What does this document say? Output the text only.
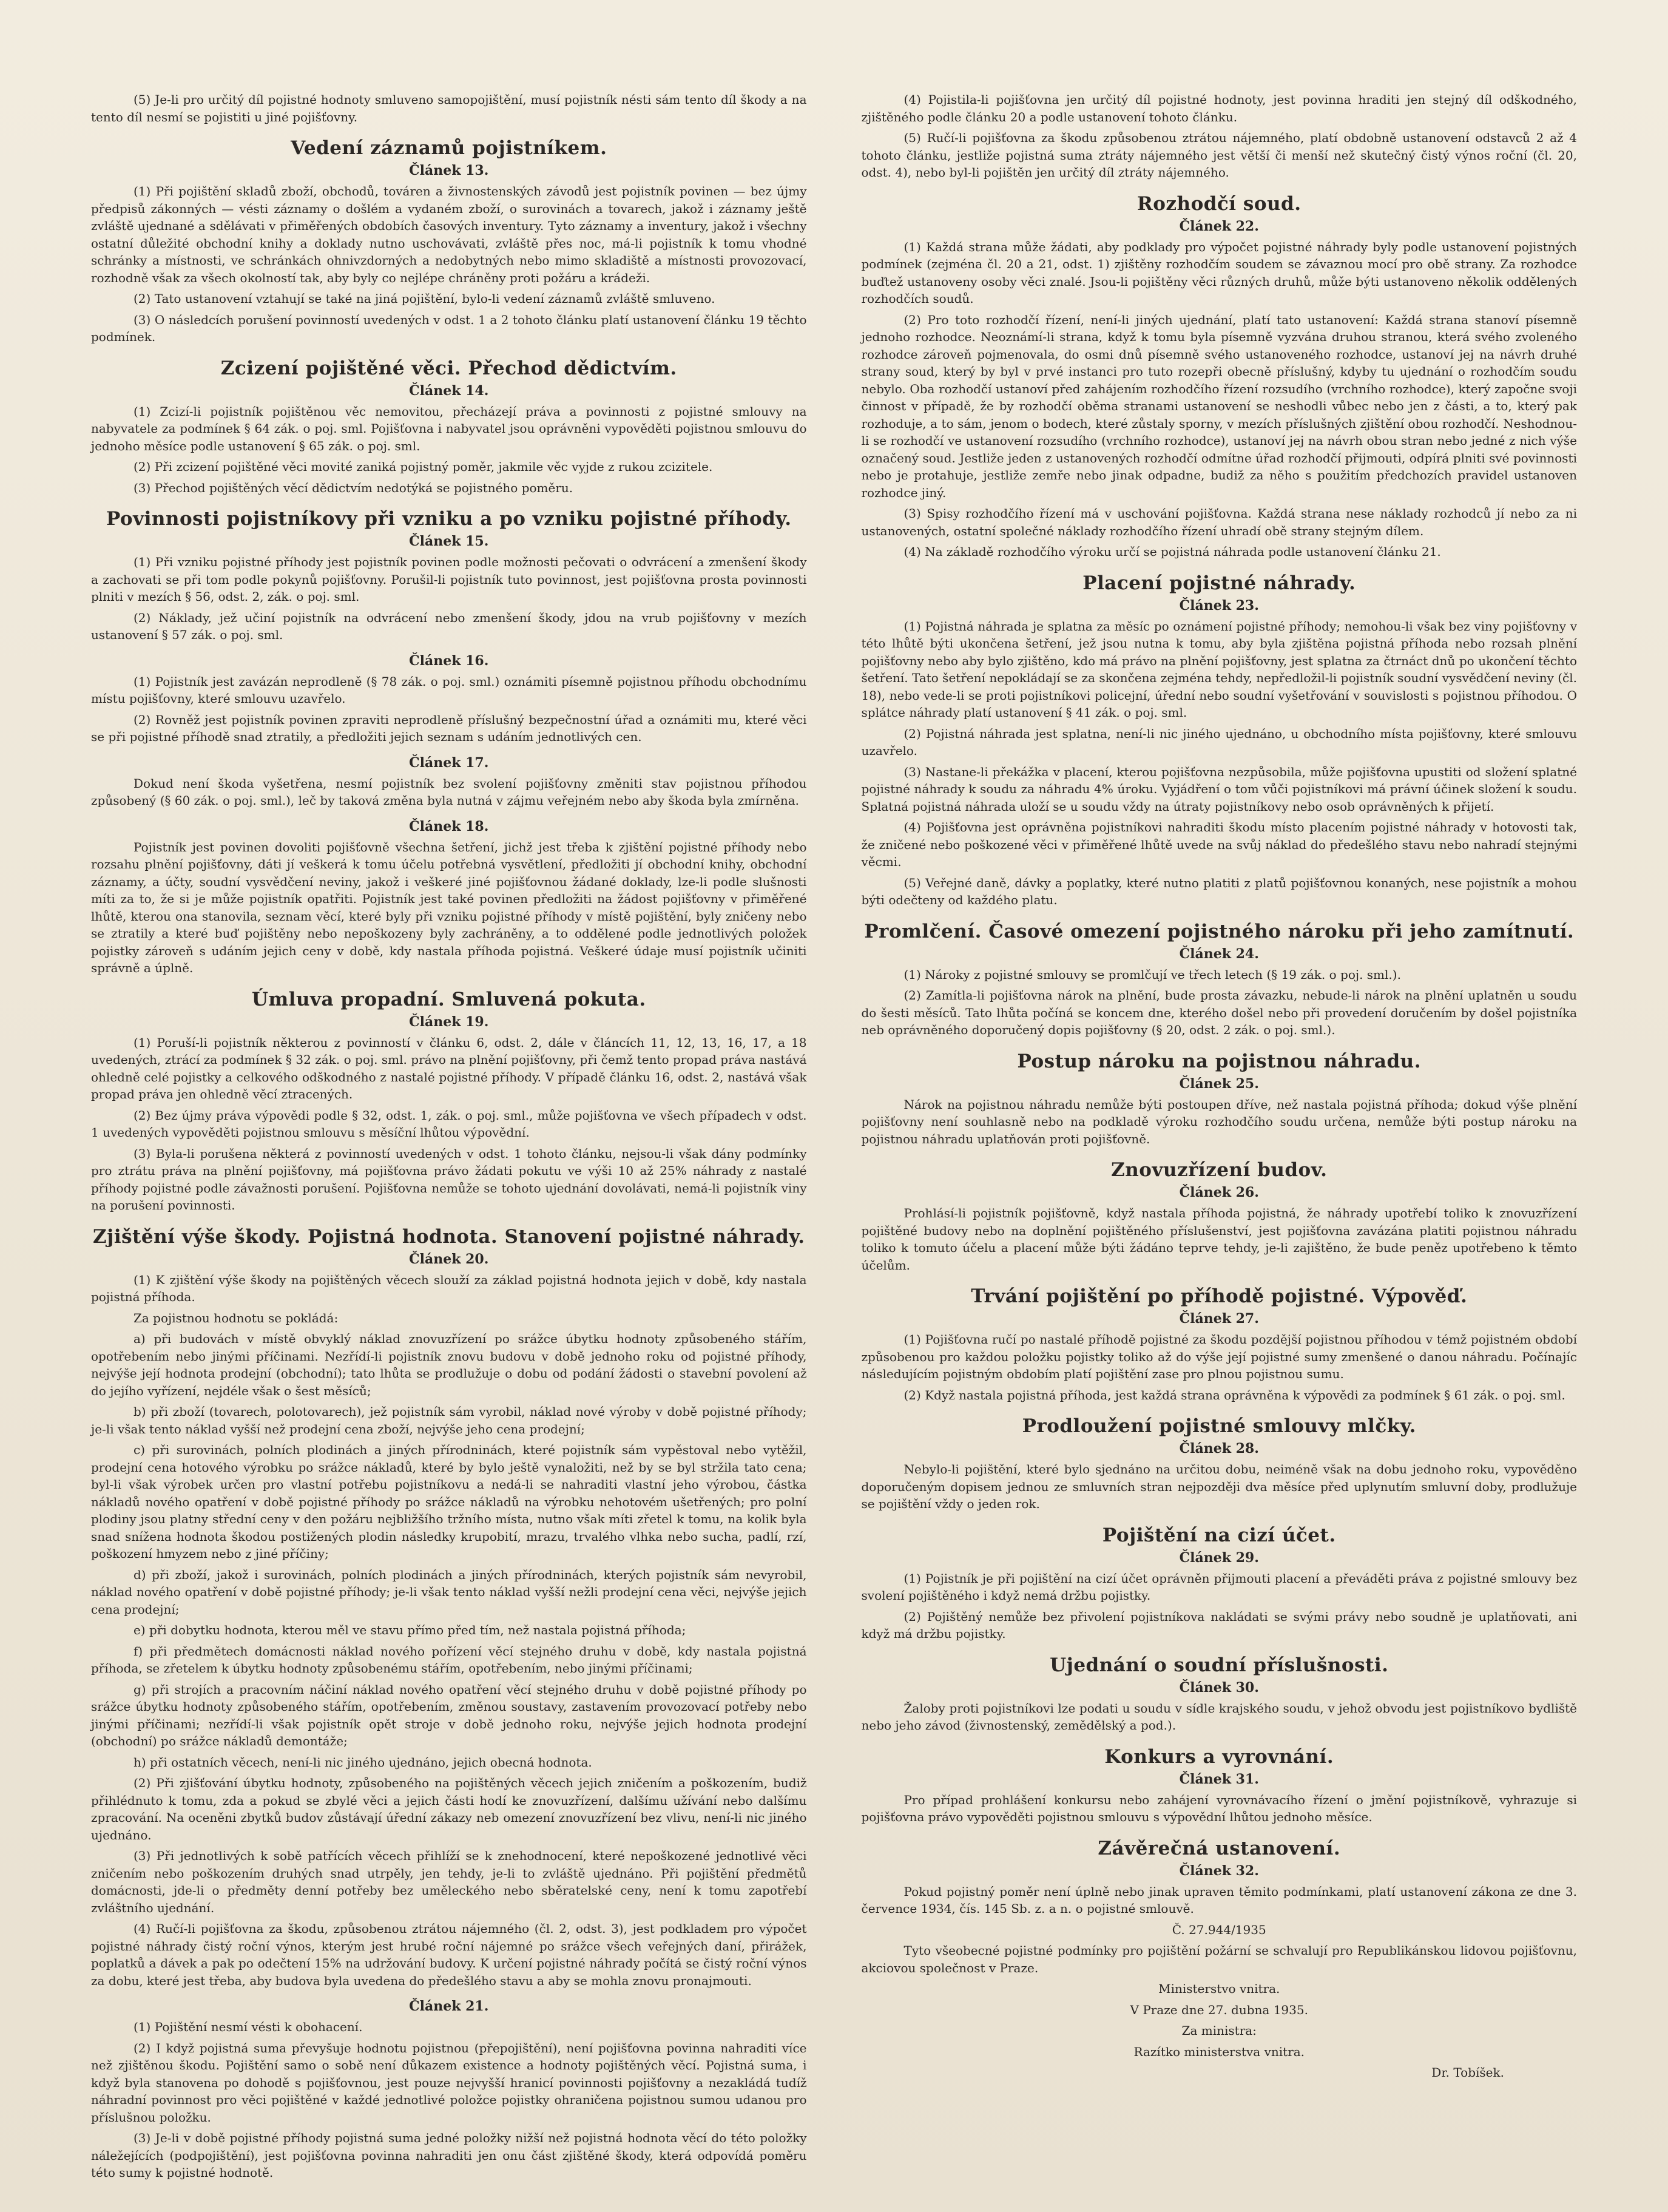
(5) Je-li pro určitý díl pojistné hodnoty smluveno samopojištění, musí pojistník nésti sám tento díl škody a na tento díl nesmí se pojistiti u jiné pojišťovny.

Vedení záznamů pojistníkem.
Článek 13.

(1) Při pojištění skladů zboží, obchodů, továren a živnostenských závodů jest pojistník povinen — bez újmy předpisů zákonných — vésti záznamy o došlém a vydaném zboží, o surovinách a tovarech, jakož i záznamy ještě zvláště ujednané a sdělávati v přiměřených obdobích časových inventury. Tyto záznamy a inventury, jakož i všechny ostatní důležité obchodní knihy a doklady nutno uschovávati, zvláště přes noc, má-li pojistník k tomu vhodné schránky a místnosti, ve schránkách ohnivzdorných a nedobytných nebo mimo skladiště a místnosti provozovací, rozhodně však za všech okolností tak, aby byly co nejlépe chráněny proti požáru a krádeži.

(2) Tato ustanovení vztahují se také na jiná pojištění, bylo-li vedení záznamů zvláště smluveno.

(3) O následcích porušení povinností uvedených v odst. 1 a 2 tohoto článku platí ustanovení článku 19 těchto podmínek.

Zcizení pojištěné věci. Přechod dědictvím.
Článek 14.

(1) Zcizí-li pojistník pojištěnou věc nemovitou, přecházejí práva a povinnosti z pojistné smlouvy na nabyvatele za podmínek § 64 zák. o poj. sml. Pojišťovna i nabyvatel jsou oprávněni vypověděti pojistnou smlouvu do jednoho měsíce podle ustanovení § 65 zák. o poj. sml.

(2) Při zcizení pojištěné věci movité zaniká pojistný poměr, jakmile věc vyjde z rukou zcizitele.

(3) Přechod pojištěných věcí dědictvím nedotýká se pojistného poměru.

Povinnosti pojistníkovy při vzniku a po vzniku pojistné příhody.
Článek 15.

(1) Při vzniku pojistné příhody jest pojistník povinen podle možnosti pečovati o odvrácení a zmenšení škody a zachovati se při tom podle pokynů pojišťovny. Porušil-li pojistník tuto povinnost, jest pojišťovna prosta povinnosti plniti v mezích § 56, odst. 2, zák. o poj. sml.

(2) Náklady, jež učiní pojistník na odvrácení nebo zmenšení škody, jdou na vrub pojišťovny v mezích ustanovení § 57 zák. o poj. sml.

Článek 16.

(1) Pojistník jest zavázán neprodleně (§ 78 zák. o poj. sml.) oznámiti písemně pojistnou příhodu obchodnímu místu pojišťovny, které smlouvu uzavřelo.

(2) Rovněž jest pojistník povinen zpraviti neprodleně příslušný bezpečnostní úřad a oznámiti mu, které věci se při pojistné příhodě snad ztratily, a předložiti jejich seznam s udáním jednotlivých cen.

Článek 17.

Dokud není škoda vyšetřena, nesmí pojistník bez svolení pojišťovny změniti stav pojistnou příhodou způsobený (§ 60 zák. o poj. sml.), leč by taková změna byla nutná v zájmu veřejném nebo aby škoda byla zmírněna.

Článek 18.

Pojistník jest povinen dovoliti pojišťovně všechna šetření, jichž jest třeba k zjištění pojistné příhody nebo rozsahu plnění pojišťovny, dáti jí veškerá k tomu účelu potřebná vysvětlení, předložiti jí obchodní knihy, obchodní záznamy, a účty, soudní vysvědčení neviny, jakož i veškeré jiné pojišťovnou žádané doklady, lze-li podle slušnosti míti za to, že si je může pojistník opatřiti. Pojistník jest také povinen předložiti na žádost pojišťovny v přiměřené lhůtě, kterou ona stanovila, seznam věcí, které byly při vzniku pojistné příhody v místě pojištění, byly zničeny nebo se ztratily a které buď pojištěny nebo nepoškozeny byly zachráněny, a to oddělené podle jednotlivých položek pojistky zároveň s udáním jejich ceny v době, kdy nastala příhoda pojistná. Veškeré údaje musí pojistník učiniti správně a úplně.

Úmluva propadní. Smluvená pokuta.
Článek 19.

(1) Poruší-li pojistník některou z povinností v článku 6, odst. 2, dále v článcích 11, 12, 13, 16, 17, a 18 uvedených, ztrácí za podmínek § 32 zák. o poj. sml. právo na plnění pojišťovny, při čemž tento propad práva nastává ohledně celé pojistky a celkového odškodného z nastalé pojistné příhody. V případě článku 16, odst. 2, nastává však propad práva jen ohledně věcí ztracených.

(2) Bez újmy práva výpovědi podle § 32, odst. 1, zák. o poj. sml., může pojišťovna ve všech případech v odst. 1 uvedených vypověděti pojistnou smlouvu s měsíční lhůtou výpovědní.

(3) Byla-li porušena některá z povinností uvedených v odst. 1 tohoto článku, nejsou-li však dány podmínky pro ztrátu práva na plnění pojišťovny, má pojišťovna právo žádati pokutu ve výši 10 až 25% náhrady z nastalé příhody pojistné podle závažnosti porušení. Pojišťovna nemůže se tohoto ujednání dovolávati, nemá-li pojistník viny na porušení povinnosti.

Zjištění výše škody. Pojistná hodnota. Stanovení pojistné náhrady.
Článek 20.

(1) K zjištění výše škody na pojištěných věcech slouží za základ pojistná hodnota jejich v době, kdy nastala pojistná příhoda.

Za pojistnou hodnotu se pokládá:

a) při budovách v místě obvyklý náklad znovuzřízení po srážce úbytku hodnoty způsobeného stářím, opotřebením nebo jinými příčinami. Nezřídí-li pojistník znovu budovu v době jednoho roku od pojistné příhody, nejvýše její hodnota prodejní (obchodní); tato lhůta se prodlužuje o dobu od podání žádosti o stavební povolení až do jejího vyřízení, nejdéle však o šest měsíců;

b) při zboží (tovarech, polotovarech), jež pojistník sám vyrobil, náklad nové výroby v době pojistné příhody; je-li však tento náklad vyšší než prodejní cena zboží, nejvýše jeho cena prodejní;

c) při surovinách, polních plodinách a jiných přírodninách, které pojistník sám vypěstoval nebo vytěžil, prodejní cena hotového výrobku po srážce nákladů, které by bylo ještě vynaložiti, než by se byl stržila tato cena; byl-li však výrobek určen pro vlastní potřebu pojistníkovu a nedá-li se nahraditi vlastní jeho výrobou, částka nákladů nového opatření v době pojistné příhody po srážce nákladů na výrobku nehotovém ušetřených; pro polní plodiny jsou platny střední ceny v den požáru nejbližšího tržního místa, nutno však míti zřetel k tomu, na kolik byla snad snížena hodnota škodou postižených plodin následky krupobití, mrazu, trvalého vlhka nebo sucha, padlí, rzí, poškození hmyzem nebo z jiné příčiny;

d) při zboží, jakož i surovinách, polních plodinách a jiných přírodninách, kterých pojistník sám nevyrobil, náklad nového opatření v době pojistné příhody; je-li však tento náklad vyšší nežli prodejní cena věci, nejvýše jejich cena prodejní;

e) při dobytku hodnota, kterou měl ve stavu přímo před tím, než nastala pojistná příhoda;

f) při předmětech domácnosti náklad nového pořízení věcí stejného druhu v době, kdy nastala pojistná příhoda, se zřetelem k úbytku hodnoty způsobenému stářím, opotřebením, nebo jinými příčinami;

g) při strojích a pracovním náčiní náklad nového opatření věcí stejného druhu v době pojistné příhody po srážce úbytku hodnoty způsobeného stářím, opotřebením, změnou soustavy, zastavením provozovací potřeby nebo jinými příčinami; nezřídí-li však pojistník opět stroje v době jednoho roku, nejvýše jejich hodnota prodejní (obchodní) po srážce nákladů demontáže;

h) při ostatních věcech, není-li nic jiného ujednáno, jejich obecná hodnota.

(2) Při zjišťování úbytku hodnoty, způsobeného na pojištěných věcech jejich zničením a poškozením, budiž přihlédnuto k tomu, zda a pokud se zbylé věci a jejich části hodí ke znovuzřízení, dalšímu užívání nebo dalšímu zpracování. Na oceněni zbytků budov zůstávají úřední zákazy neb omezení znovuzřízení bez vlivu, není-li nic jiného ujednáno.

(3) Při jednotlivých k sobě patřících věcech přihlíží se k znehodnocení, které nepoškozené jednotlivé věci zničením nebo poškozením druhých snad utrpěly, jen tehdy, je-li to zvláště ujednáno. Při pojištění předmětů domácnosti, jde-li o předměty denní potřeby bez uměleckého nebo sběratelské ceny, není k tomu zapotřebí zvláštního ujednání.

(4) Ručí-li pojišťovna za škodu, způsobenou ztrátou nájemného (čl. 2, odst. 3), jest podkladem pro výpočet pojistné náhrady čistý roční výnos, kterým jest hrubé roční nájemné po srážce všech veřejných daní, přirážek, poplatků a dávek a pak po odečtení 15% na udržování budovy. K určení pojistné náhrady počítá se čistý roční výnos za dobu, které jest třeba, aby budova byla uvedena do předešlého stavu a aby se mohla znovu pronajmouti.

Článek 21.

(1) Pojištění nesmí vésti k obohacení.

(2) I když pojistná suma převyšuje hodnotu pojistnou (přepojištění), není pojišťovna povinna nahraditi více než zjištěnou škodu. Pojištění samo o sobě není důkazem existence a hodnoty pojištěných věcí. Pojistná suma, i když byla stanovena po dohodě s pojišťovnou, jest pouze nejvyšší hranicí povinnosti pojišťovny a nezakládá tudíž náhradní povinnost pro věci pojištěné v každé jednotlivé položce pojistky ohraničena pojistnou sumou udanou pro příslušnou položku.

(3) Je-li v době pojistné příhody pojistná suma jedné položky nižší než pojistná hodnota věcí do této položky náležejících (podpojištění), jest pojišťovna povinna nahraditi jen onu část zjištěné škody, která odpovídá poměru této sumy k pojistné hodnotě.

(4) Pojistila-li pojišťovna jen určitý díl pojistné hodnoty, jest povinna hraditi jen stejný díl odškodného, zjištěného podle článku 20 a podle ustanovení tohoto článku.

(5) Ručí-li pojišťovna za škodu způsobenou ztrátou nájemného, platí obdobně ustanovení odstavců 2 až 4 tohoto článku, jestliže pojistná suma ztráty nájemného jest větší či menší než skutečný čistý výnos roční (čl. 20, odst. 4), nebo byl-li pojištěn jen určitý díl ztráty nájemného.

Rozhodčí soud.
Článek 22.

(1) Každá strana může žádati, aby podklady pro výpočet pojistné náhrady byly podle ustanovení pojistných podmínek (zejména čl. 20 a 21, odst. 1) zjištěny rozhodčím soudem se závaznou mocí pro obě strany. Za rozhodce buďtež ustanoveny osoby věci znalé. Jsou-li pojištěny věci různých druhů, může býti ustanoveno několik oddělených rozhodčích soudů.

(2) Pro toto rozhodčí řízení, není-li jiných ujednání, platí tato ustanovení: Každá strana stanoví písemně jednoho rozhodce. Neoznámí-li strana, když k tomu byla písemně vyzvána druhou stranou, která svého zvoleného rozhodce zároveň pojmenovala, do osmi dnů písemně svého ustanoveného rozhodce, ustanoví jej na návrh druhé strany soud, který by byl v prvé instanci pro tuto rozepři obecně příslušný, kdyby tu ujednání o rozhodčím soudu nebylo. Oba rozhodčí ustanoví před zahájením rozhodčího řízení rozsudího (vrchního rozhodce), který započne svoji činnost v případě, že by rozhodčí oběma stranami ustanovení se neshodli vůbec nebo jen z části, a to, který pak rozhoduje, a to sám, jenom o bodech, které zůstaly sporny, v mezích příslušných zjištění obou rozhodčí. Neshodnou-li se rozhodčí ve ustanovení rozsudího (vrchního rozhodce), ustanoví jej na návrh obou stran nebo jedné z nich výše označený soud. Jestliže jeden z ustanovených rozhodčí odmítne úřad rozhodčí přijmouti, odpírá plniti své povinnosti nebo je protahuje, jestliže zemře nebo jinak odpadne, budiž za něho s použitím předchozích pravidel ustanoven rozhodce jiný.

(3) Spisy rozhodčího řízení má v uschování pojišťovna. Každá strana nese náklady rozhodců jí nebo za ni ustanovených, ostatní společné náklady rozhodčího řízení uhradí obě strany stejným dílem.

(4) Na základě rozhodčího výroku určí se pojistná náhrada podle ustanovení článku 21.

Placení pojistné náhrady.
Článek 23.

(1) Pojistná náhrada je splatna za měsíc po oznámení pojistné příhody; nemohou-li však bez viny pojišťovny v této lhůtě býti ukončena šetření, jež jsou nutna k tomu, aby byla zjištěna pojistná příhoda nebo rozsah plnění pojišťovny nebo aby bylo zjištěno, kdo má právo na plnění pojišťovny, jest splatna za čtrnáct dnů po ukončení těchto šetření. Tato šetření nepokládají se za skončena zejména tehdy, nepředložil-li pojistník soudní vysvědčení neviny (čl. 18), nebo vede-li se proti pojistníkovi policejní, úřední nebo soudní vyšetřování v souvislosti s pojistnou příhodou. O splátce náhrady platí ustanovení § 41 zák. o poj. sml.

(2) Pojistná náhrada jest splatna, není-li nic jiného ujednáno, u obchodního místa pojišťovny, které smlouvu uzavřelo.

(3) Nastane-li překážka v placení, kterou pojišťovna nezpůsobila, může pojišťovna upustiti od složení splatné pojistné náhrady k soudu za náhradu 4% úroku. Vyjádření o tom vůči pojistníkovi má právní účinek složení k soudu. Splatná pojistná náhrada uloží se u soudu vždy na útraty pojistníkovy nebo osob oprávněných k přijetí.

(4) Pojišťovna jest oprávněna pojistníkovi nahraditi škodu místo placením pojistné náhrady v hotovosti tak, že zničené nebo poškozené věci v přiměřené lhůtě uvede na svůj náklad do předešlého stavu nebo nahradí stejnými věcmi.

(5) Veřejné daně, dávky a poplatky, které nutno platiti z platů pojišťovnou konaných, nese pojistník a mohou býti odečteny od každého platu.

Promlčení. Časové omezení pojistného nároku při jeho zamítnutí.
Článek 24.

(1) Nároky z pojistné smlouvy se promlčují ve třech letech (§ 19 zák. o poj. sml.).

(2) Zamítla-li pojišťovna nárok na plnění, bude prosta závazku, nebude-li nárok na plnění uplatněn u soudu do šesti měsíců. Tato lhůta počíná se koncem dne, kterého došel nebo při provedení doručením by došel pojistníka neb oprávněného doporučený dopis pojišťovny (§ 20, odst. 2 zák. o poj. sml.).

Postup nároku na pojistnou náhradu.
Článek 25.

Nárok na pojistnou náhradu nemůže býti postoupen dříve, než nastala pojistná příhoda; dokud výše plnění pojišťovny není souhlasně nebo na podkladě výroku rozhodčího soudu určena, nemůže býti postup nároku na pojistnou náhradu uplatňován proti pojišťovně.

Znovuzřízení budov.
Článek 26.

Prohlásí-li pojistník pojišťovně, když nastala příhoda pojistná, že náhrady upotřebí toliko k znovuzřízení pojištěné budovy nebo na doplnění pojištěného příslušenství, jest pojišťovna zavázána platiti pojistnou náhradu toliko k tomuto účelu a placení může býti žádáno teprve tehdy, je-li zajištěno, že bude peněz upotřebeno k těmto účelům.

Trvání pojištění po příhodě pojistné. Výpověď.
Článek 27.

(1) Pojišťovna ručí po nastalé příhodě pojistné za škodu pozdější pojistnou příhodou v témž pojistném období způsobenou pro každou položku pojistky toliko až do výše její pojistné sumy zmenšené o danou náhradu. Počínajíc následujícím pojistným obdobím platí pojištění zase pro plnou pojistnou sumu.

(2) Když nastala pojistná příhoda, jest každá strana oprávněna k výpovědi za podmínek § 61 zák. o poj. sml.

Prodloužení pojistné smlouvy mlčky.
Článek 28.

Nebylo-li pojištění, které bylo sjednáno na určitou dobu, neiméně však na dobu jednoho roku, vypověděno doporučeným dopisem jednou ze smluvních stran nejpozději dva měsíce před uplynutím smluvní doby, prodlužuje se pojištění vždy o jeden rok.

Pojištění na cizí účet.
Článek 29.

(1) Pojistník je při pojištění na cizí účet oprávněn přijmouti placení a převáděti práva z pojistné smlouvy bez svolení pojištěného i když nemá držbu pojistky.

(2) Pojištěný nemůže bez přivolení pojistníkova nakládati se svými právy nebo soudně je uplatňovati, ani když má držbu pojistky.

Ujednání o soudní příslušnosti.
Článek 30.

Žaloby proti pojistníkovi lze podati u soudu v sídle krajského soudu, v jehož obvodu jest pojistníkovo bydliště nebo jeho závod (živnostenský, zemědělský a pod.).

Konkurs a vyrovnání.
Článek 31.

Pro případ prohlášení konkursu nebo zahájení vyrovnávacího řízení o jmění pojistníkově, vyhrazuje si pojišťovna právo vypověděti pojistnou smlouvu s výpovědní lhůtou jednoho měsíce.

Závěrečná ustanovení.
Článek 32.

Pokud pojistný poměr není úplně nebo jinak upraven těmito podmínkami, platí ustanovení zákona ze dne 3. července 1934, čís. 145 Sb. z. a n. o pojistné smlouvě.

Č. 27.944/1935

Tyto všeobecné pojistné podmínky pro pojištění požární se schvalují pro Republikánskou lidovou pojišťovnu, akciovou společnost v Praze.

Ministerstvo vnitra.

V Praze dne 27. dubna 1935.

Za ministra:

Razítko ministerstva vnitra.

Dr. Tobíšek.
